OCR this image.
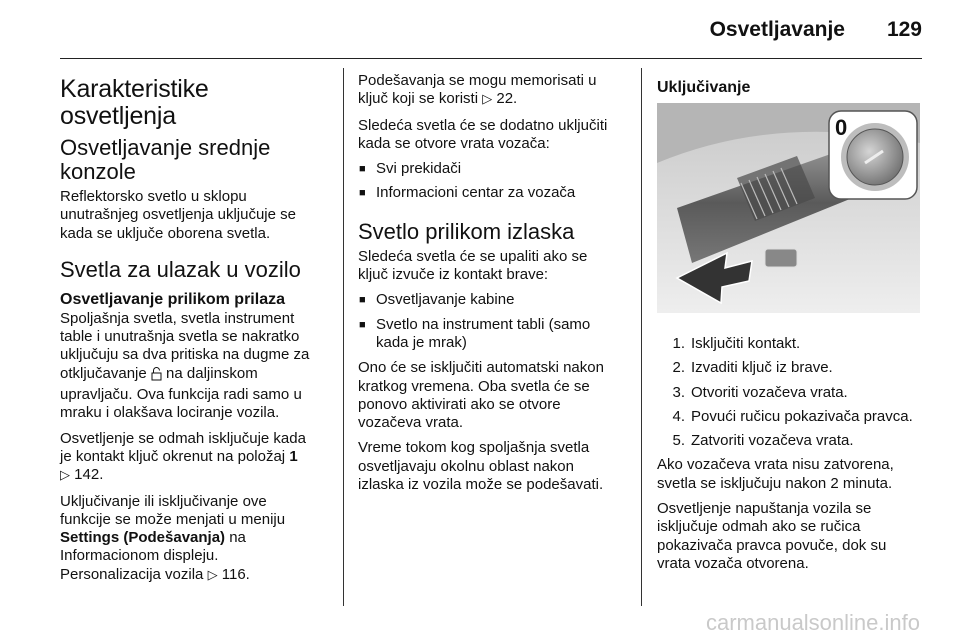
Osvetljavanje 129
Karakteristike
osvetljenja
Osvetljavanje srednje
konzole

Reflektorsko svetlo u sklopu
unutrašnjeg osvetljenja uključuje se
kada se uključe oborena svetla.

Svetla za ulazak u vozilo
Osvetljavanje prilikom prilaza

Spoljašnja svetla, svetla instrument
table i unutrašnja svetla se nakratko
uključuju sa dva pritiska na dugme za
otključavanje  na daljinskom
upravljaču. Ova funkcija radi samo u
mraku i olakšava lociranje vozila.

Osvetljenje se odmah isključuje kada
je kontakt ključ okrenut na položaj 1
▷ 142.

Uključivanje ili isključivanje ove
funkcije se može menjati u meniju
Settings (Podešavanja) na
Informacionom displeju.
Personalizacija vozila ▷ 116.

Podešavanja se mogu memorisati u
ključ koji se koristi ▷ 22.

Sledeća svetla će se dodatno uključiti
kada se otvore vrata vozača:

■ Svi prekidači
■ Informacioni centar za vozača
Svetlo prilikom izlaska

Sledeća svetla će se upaliti ako se
ključ izvuče iz kontakt brave:

■ Osvetljavanje kabine
■ Svetlo na instrument tabli (samo kada je mrak)

Ono će se isključiti automatski nakon
kratkog vremena. Oba svetla će se
ponovo aktivirati ako se otvore
vozačeva vrata.

Vreme tokom kog spoljašnja svetla
osvetljavaju okolnu oblast nakon
izlaska iz vozila može se podešavati.

Uključivanje
0
1. Isključiti kontakt.
2. Izvaditi ključ iz brave.
3. Otvoriti vozačeva vrata.
4. Povući ručicu pokazivača pravca.
5. Zatvoriti vozačeva vrata.

Ako vozačeva vrata nisu zatvorena,
svetla se isključuju nakon 2 minuta.

Osvetljenje napuštanja vozila se
isključuje odmah ako se ručica
pokazivača pravca povuče, dok su
vrata vozača otvorena.

carmanualsonline.info
